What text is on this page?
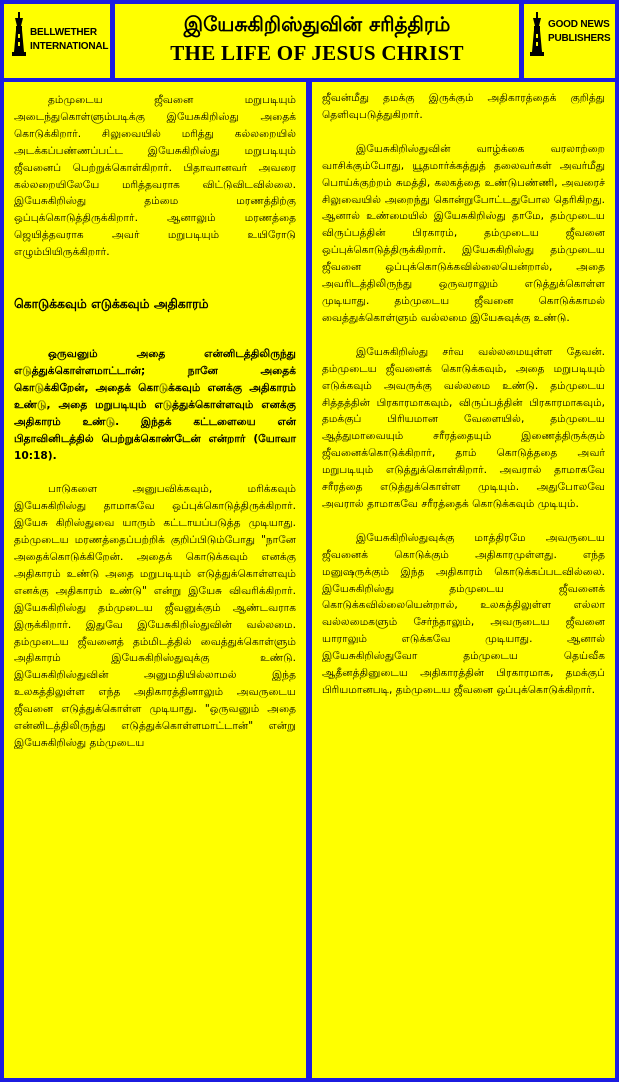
BELLWETHER
INTERNATIONAL
இயேசுகிறிஸ்துவின் சரித்திரம்
THE LIFE OF JESUS CHRIST
GOOD NEWS
PUBLISHERS

தம்முடைய ஜீவனை மறுபடியும் அடைந்துகொள்ளும்படிக்கு இயேசுகிறிஸ்து அதைக் கொடுக்கிறார். சிலுவையில் மரித்து கல்லறையில் அடக்கப்பண்ணப்பட்ட இயேசுகிறிஸ்து மறுபடியும் ஜீவனைப் பெற்றுக்கொள்கிறார். பிதாவானவர் அவரை கல்லறையிலேயே மரித்தவராக விட்டுவிடவில்லை. இயேசுகிறிஸ்து தம்மை மரணத்திற்கு ஒப்புக்கொடுத்திருக்கிறார். ஆனாலும் மரணத்தை ஜெயித்தவராக அவர் மறுபடியும் உயிரோடு எழும்பியிருக்கிறார்.

கொடுக்கவும் எடுக்கவும் அதிகாரம்

ஒருவனும் அதை என்னிடத்திலிருந்து எடுத்துக்கொள்ளமாட்டான்; நானே அதைக் கொடுக்கிறேன், அதைக் கொடுக்கவும் எனக்கு அதிகாரம் உண்டு, அதை மறுபடியும் எடுத்துக்கொள்ளவும் எனக்கு அதிகாரம் உண்டு. இந்தக் கட்டளையை என் பிதாவினிடத்தில் பெற்றுக்கொண்டேன் என்றார் (யோவா 10:18).

பாடுகளை அனுபவிக்கவும், மரிக்கவும் இயேசுகிறிஸ்து தாமாகவே ஒப்புக்கொடுத்திருக்கிறார். இயேசு கிறிஸ்துவை யாரும் கட்டாயப்படுத்த முடியாது. தம்முடைய மரணத்தைப்பற்றிக் குறிப்பிடும்போது "நானே அதைக்கொடுக்கிறேன். அதைக் கொடுக்கவும் எனக்கு அதிகாரம் உண்டு அதை மறுபடியும் எடுத்துக்கொள்ளவும் எனக்கு அதிகாரம் உண்டு" என்று இயேசு விவரிக்கிறார். இயேசுகிறிஸ்து தம்முடைய ஜீவனுக்கும் ஆண்டவராக இருக்கிறார். இதுவே இயேசுகிறிஸ்துவின் வல்லமை. தம்முடைய ஜீவனைத் தம்மிடத்தில் வைத்துக்கொள்ளும் அதிகாரம் இயேசுகிறிஸ்துவுக்கு உண்டு. இயேசுகிறிஸ்துவின் அனுமதியில்லாமல் இந்த உலகத்திலுள்ள எந்த அதிகாரத்தினாலும் அவருடைய ஜீவனை எடுத்துக்கொள்ள முடியாது. "ஒருவனும் அதை என்னிடத்திலிருந்து எடுத்துக்கொள்ளமாட்டான்" என்று இயேசுகிறிஸ்து தம்முடைய

ஜீவன்மீது தமக்கு இருக்கும் அதிகாரத்தைக் குறித்து தெளிவுபடுத்துகிறார்.

இயேசுகிறிஸ்துவின் வாழ்க்கை வரலாற்றை வாசிக்கும்போது, யூதமார்க்கத்துத் தலைவர்கள் அவர்மீது பொய்க்குற்றம் சுமத்தி, கலகத்தை உண்டுபண்ணி, அவரைச் சிலுவையில் அறைந்து கொன்றுபோட்டதுபோல தெரிகிறது. ஆனால் உண்மையில் இயேசுகிறிஸ்து தாமே, தம்முடைய விருப்பத்தின் பிரகாரம், தம்முடைய ஜீவனை ஒப்புக்கொடுத்திருக்கிறார். இயேசுகிறிஸ்து தம்முடைய ஜீவனை ஒப்புக்கொடுக்கவில்லையென்றால், அதை அவரிடத்திலிருந்து ஒருவராலும் எடுத்துக்கொள்ள முடியாது. தம்முடைய ஜீவனை கொடுக்காமல் வைத்துக்கொள்ளும் வல்லமை இயேசுவுக்கு உண்டு.

இயேசுகிறிஸ்து சர்வ வல்லமையுள்ள தேவன். தம்முடைய ஜீவனைக் கொடுக்கவும், அதை மறுபடியும் எடுக்கவும் அவருக்கு வல்லமை உண்டு. தம்முடைய சித்தத்தின் பிரகாரமாகவும், விருப்பத்தின் பிரகாரமாகவும், தமக்குப் பிரியமான வேளையில், தம்முடைய ஆத்துமாவையும் சரீரத்தையும் இணைத்திருக்கும் ஜீவனைக்கொடுக்கிறார், தாம் கொடுத்ததை அவர் மறுபடியும் எடுத்துக்கொள்கிறார். அவரால் தாமாகவே சரீரத்தை எடுத்துக்கொள்ள முடியும். அதுபோலவே அவரால் தாமாகவே சரீரத்தைக் கொடுக்கவும் முடியும்.

இயேசுகிறிஸ்துவுக்கு மாத்திரமே அவருடைய ஜீவனைக் கொடுக்கும் அதிகாரமுள்ளது. எந்த மனுஷருக்கும் இந்த அதிகாரம் கொடுக்கப்படவில்லை. இயேசுகிறிஸ்து தம்முடைய ஜீவனைக் கொடுக்கவில்லையென்றால், உலகத்திலுள்ள எல்லா வல்லமைகளும் சேர்ந்தாலும், அவருடைய ஜீவனை யாராலும் எடுக்கவே முடியாது. ஆனால் இயேசுகிறிஸ்துவோ தம்முடைய தெய்வீக ஆதீனத்தினுடைய அதிகாரத்தின் பிரகாரமாக, தமக்குப் பிரியமானபடி, தம்முடைய ஜீவனை ஒப்புக்கொடுக்கிறார்.
